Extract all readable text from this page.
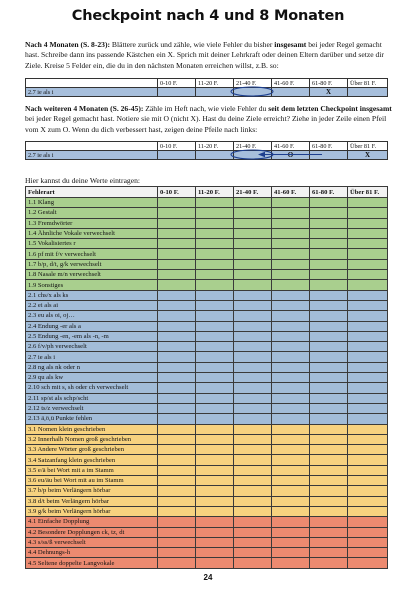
Checkpoint nach 4 und 8 Monaten
Nach 4 Monaten (S. 8-23): Blättere zurück und zähle, wie viele Fehler du bisher insgesamt bei jeder Regel gemacht hast. Schreibe dann ins passende Kästchen ein X. Sprich mit deiner Lehrkraft oder deinen Eltern darüber und setze dir Ziele. Kreise 5 Felder ein, die du in den nächsten Monaten erreichen willst, z.B. so:
	0-10 F.	11-20 F.	21-40 F.	41-60 F.	61-80 F.	Über 81 F.
2.7 ie als i					X	
Nach weiteren 4 Monaten (S. 26-45): Zähle im Heft nach, wie viele Fehler du seit dem letzten Checkpoint insgesamt bei jeder Regel gemacht hast. Notiere sie mit O (nicht X). Hast du deine Ziele erreicht? Ziehe in jeder Zeile einen Pfeil vom X zum O. Wenn du dich verbessert hast, zeigen deine Pfeile nach links:
	0-10 F.	11-20 F.	21-40 F.	41-60 F.	61-80 F.	Über 81 F.
2.7 ie als i				O		X
Hier kannst du deine Werte eintragen:
Fehlerart	0-10 F.	11-20 F.	21-40 F.	41-60 F.	61-80 F.	Über 81 F.
1.1 Klang						
1.2 Gestalt						
1.3 Fremdwörter						
1.4 Ähnliche Vokale verwechselt						
1.5 Vokalisiertes r						
1.6 pf mit f/v verwechselt						
1.7 b/p, d/t, g/k verwechselt						
1.8 Nasale m/n verwechselt						
1.9 Sonstiges						
2.1 chs/x als ks						
2.2 ei als ai						
2.3 eu als oi, oj…						
2.4 Endung -er als a						
2.5 Endung -en, -em als -n, -m						
2.6 f/v/ph verwechselt						
2.7 ie als i						
2.8 ng als nk oder n						
2.9 qu als kw						
2.10 sch mit s, sh oder ch verwechselt						
2.11 sp/st als schp/scht						
2.12 ts/z verwechselt						
2.13 ä,ö,ü Punkte fehlen						
3.1 Nomen klein geschrieben						
3.2 Innerhalb Nomen groß geschrieben						
3.3 Andere Wörter groß geschrieben						
3.4 Satzanfang klein geschrieben						
3.5 e/ä bei Wort mit a im Stamm						
3.6 eu/äu bei Wort mit au im Stamm						
3.7 b/p beim Verlängern hörbar						
3.8 d/t beim Verlängern hörbar						
3.9 g/k beim Verlängern hörbar						
4.1 Einfache Dopplung						
4.2 Besondere Dopplungen ck, tz, dt						
4.3 s/ss/ß verwechselt						
4.4 Dehnungs-h						
4.5 Seltene doppelte Langvokale						
24
